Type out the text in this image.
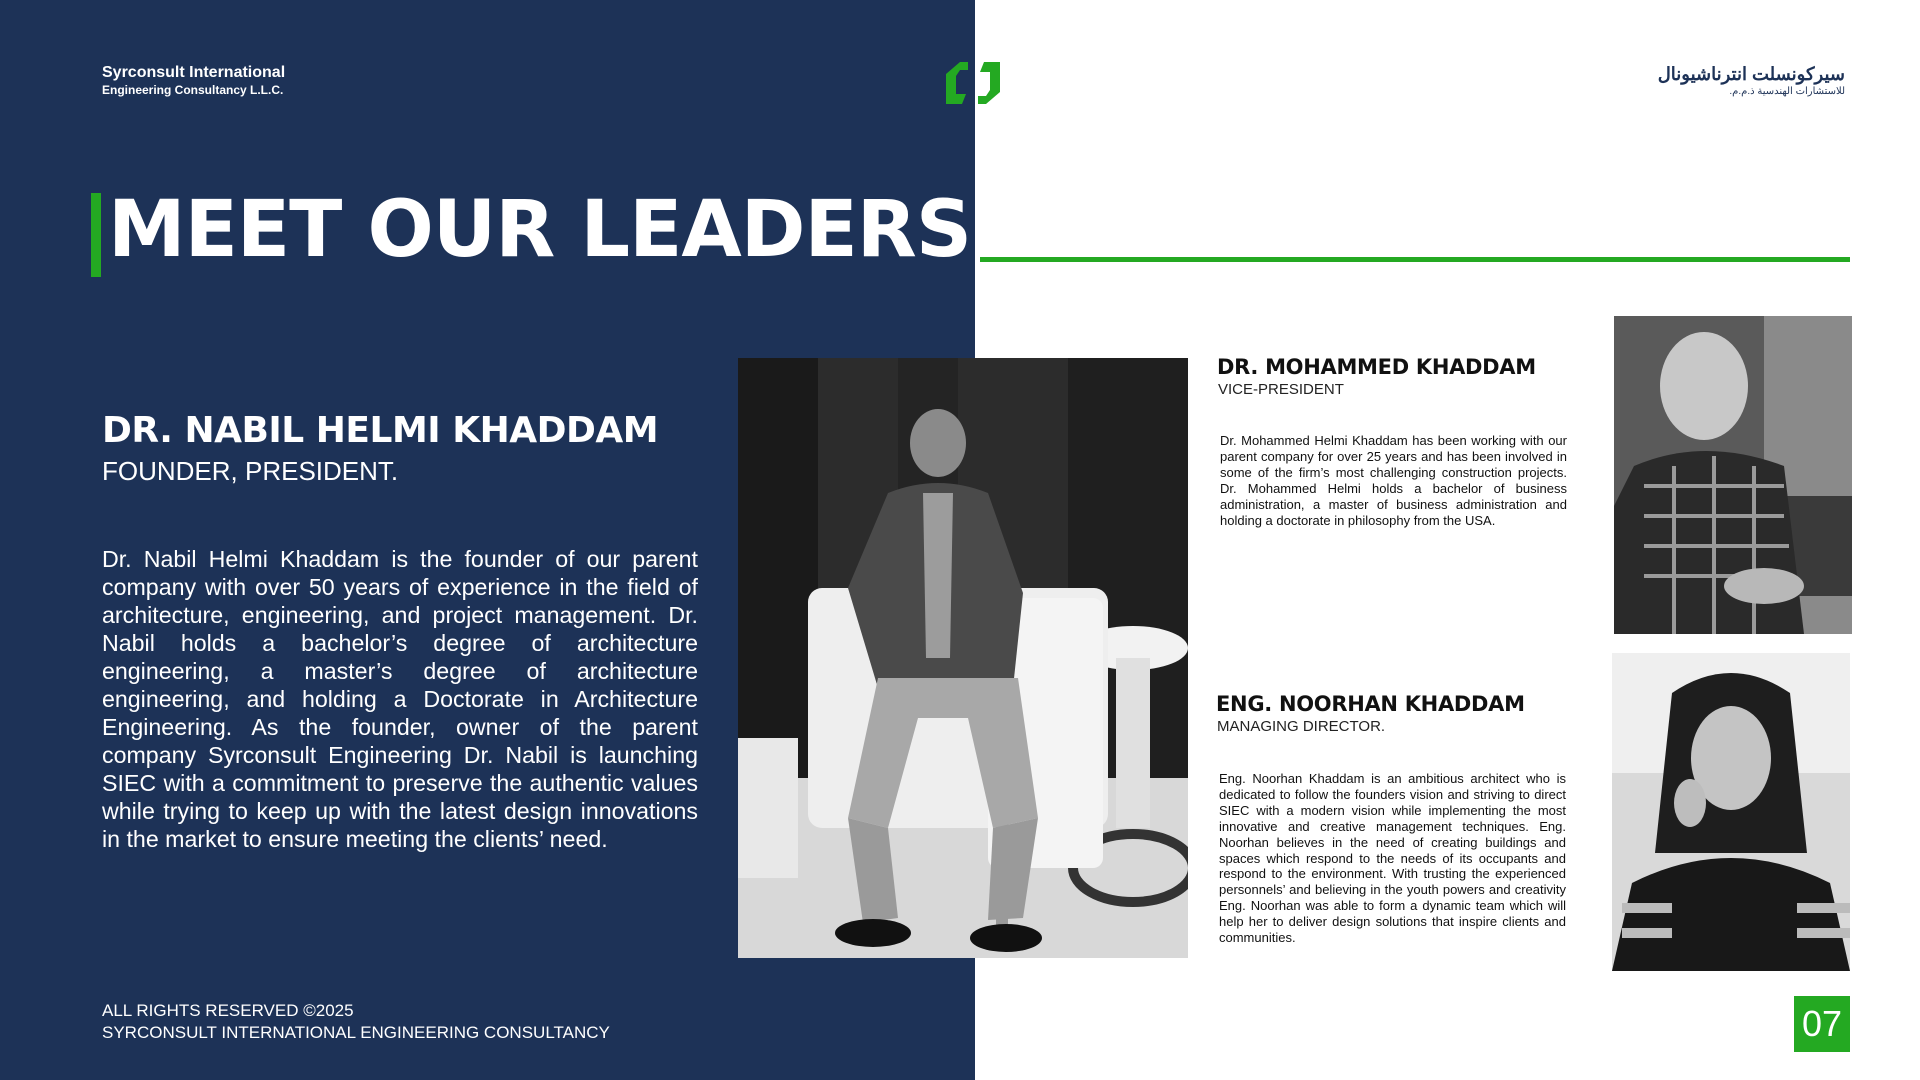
Syrconsult International
Engineering Consultancy L.L.C.
سيركونسلت انترناشيونال
للاستشارات الهندسية ذ.م.م.
MEET OUR LEADERS
DR. NABIL HELMI KHADDAM
FOUNDER, PRESIDENT.
Dr. Nabil Helmi Khaddam is the founder of our parent company with over 50 years of experience in the field of architecture, engineering, and project management. Dr. Nabil holds a bachelor’s degree of architecture engineering, a master’s degree of architecture engineering, and holding a Doctorate in Architecture Engineering. As the founder, owner of the parent company Syrconsult Engineering Dr. Nabil is launching SIEC with a commitment to preserve the authentic values while trying to keep up with the latest design innovations in the market to ensure meeting the clients’ need.
DR. MOHAMMED KHADDAM
VICE-PRESIDENT
Dr. Mohammed Helmi Khaddam has been working with our parent company for over 25 years and has been involved in some of the firm’s most challenging construction projects. Dr. Mohammed Helmi holds a bachelor of business administration, a master of business administration and holding a doctorate in philosophy from the USA.
ENG. NOORHAN KHADDAM
MANAGING DIRECTOR.
Eng. Noorhan Khaddam is an ambitious architect who is dedicated to follow the founders vision and striving to direct SIEC with a modern vision while implementing the most innovative and creative management techniques. Eng. Noorhan believes in the need of creating buildings and spaces which respond to the needs of its occupants and respond to the environment. With trusting the experienced personnels’ and believing in the youth powers and creativity Eng. Noorhan was able to form a dynamic team which will help her to deliver design solutions that inspire clients and communities.
ALL RIGHTS RESERVED ©2025
SYRCONSULT INTERNATIONAL ENGINEERING CONSULTANCY	07
